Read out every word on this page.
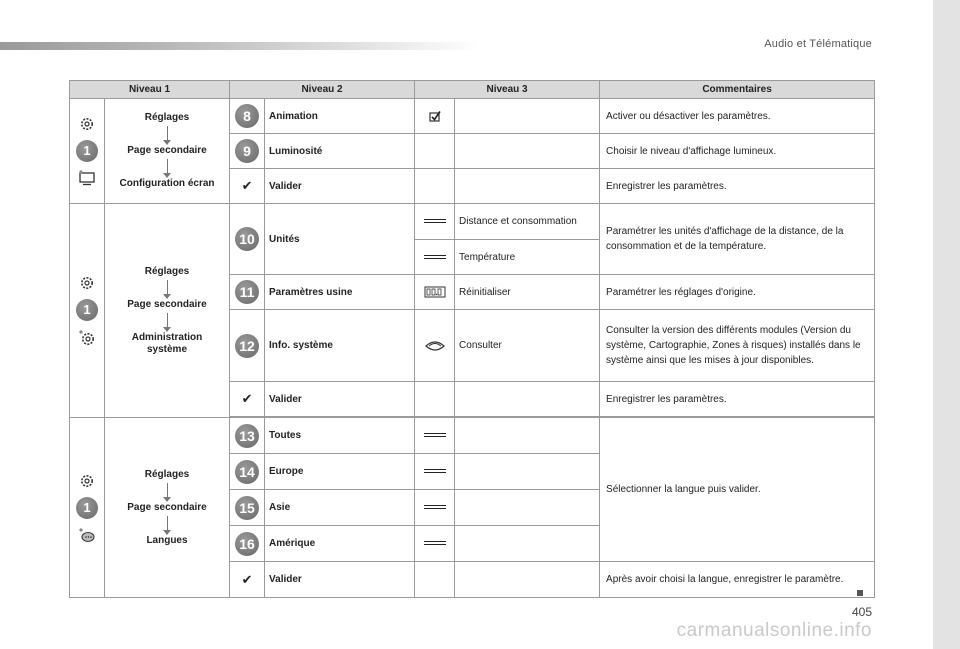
Audio et Télématique
Niveau 1		Niveau 2		Niveau 3		Commentaires

1	Réglages
Page secondaire
Configuration écran	8	Animation			Activer ou désactiver les paramètres.
		9	Luminosité			Choisir le niveau d'affichage lumineux.
		✔	Valider			Enregistrer les paramètres.

1	Réglages
Page secondaire
Administration système	10	Unités		Distance et consommation	Paramétrer les unités d'affichage de la distance, de la consommation et de la température.
					Température	
		11	Paramètres usine		Réinitialiser	Paramétrer les réglages d'origine.
		12	Info. système		Consulter	Consulter la version des différents modules (Version du système, Cartographie, Zones à risques) installés dans le système ainsi que les mises à jour disponibles.
		✔	Valider			Enregistrer les paramètres.

1	Réglages
Page secondaire
Langues	13	Toutes			Sélectionner la langue puis valider.
		14	Europe			
		15	Asie			
		16	Amérique			
		✔	Valider			Après avoir choisi la langue, enregistrer le paramètre.
405
carmanualsonline.info
